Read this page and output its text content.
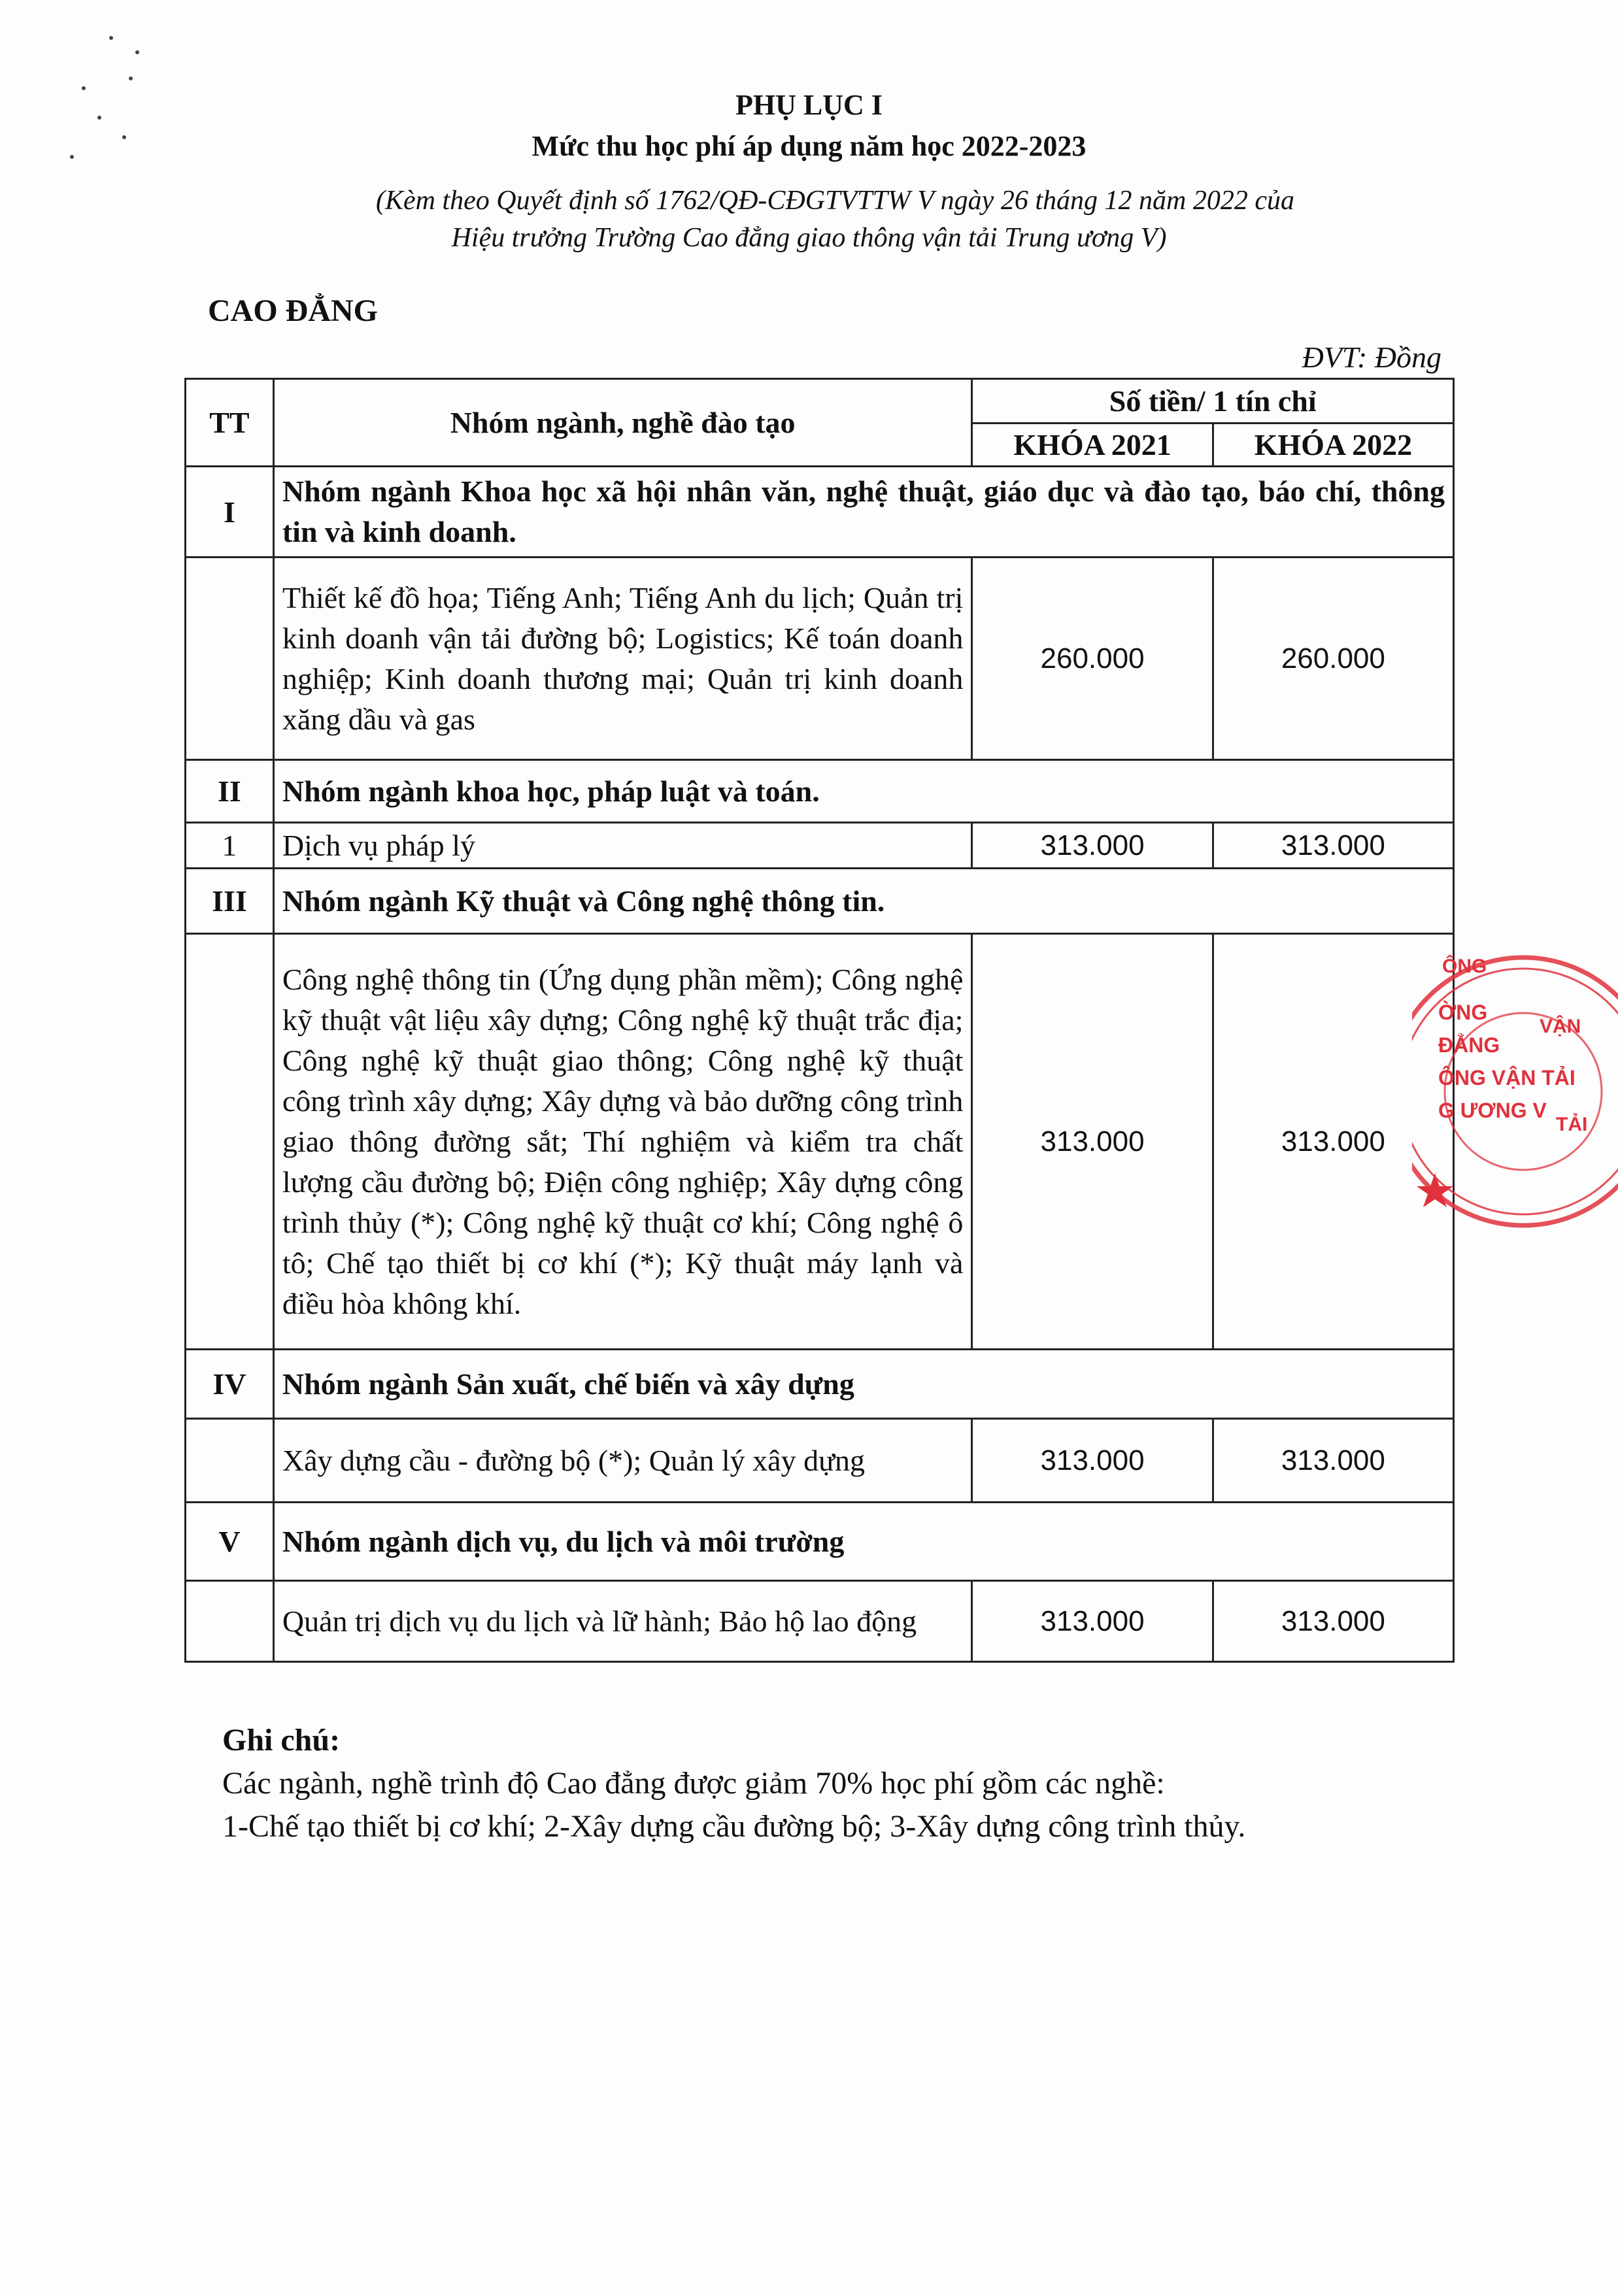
PHỤ LỤC I
Mức thu học phí áp dụng năm học 2022-2023
(Kèm theo Quyết định số 1762/QĐ-CĐGTVTTW V ngày 26 tháng 12 năm 2022 của
Hiệu trưởng Trường Cao đẳng giao thông vận tải Trung ương V)
CAO ĐẲNG
ĐVT: Đồng
TT	Nhóm ngành, nghề đào tạo	Số tiền/ 1 tín chỉ	
		KHÓA 2021	KHÓA 2022
I	Nhóm ngành Khoa học xã hội nhân văn, nghệ thuật, giáo dục và đào tạo, báo chí, thông tin và kinh doanh.		
	Thiết kế đồ họa; Tiếng Anh; Tiếng Anh du lịch; Quản trị kinh doanh vận tải đường bộ; Logistics; Kế toán doanh nghiệp; Kinh doanh thương mại; Quản trị kinh doanh xăng dầu và gas	260.000	260.000
II	Nhóm ngành khoa học, pháp luật và toán.		
1	Dịch vụ pháp lý	313.000	313.000
III	Nhóm ngành Kỹ thuật và Công nghệ thông tin.		
	Công nghệ thông tin (Ứng dụng phần mềm); Công nghệ kỹ thuật vật liệu xây dựng; Công nghệ kỹ thuật trắc địa; Công nghệ kỹ thuật giao thông; Công nghệ kỹ thuật công trình xây dựng; Xây dựng và bảo dưỡng công trình giao thông đường sắt; Thí nghiệm và kiểm tra chất lượng cầu đường bộ; Điện công nghiệp; Xây dựng công trình thủy (*); Công nghệ kỹ thuật cơ khí; Công nghệ ô tô; Chế tạo thiết bị cơ khí (*); Kỹ thuật máy lạnh và điều hòa không khí.	313.000	313.000
IV	Nhóm ngành Sản xuất, chế biến và xây dựng		
	Xây dựng cầu - đường bộ (*); Quản lý xây dựng	313.000	313.000
V	Nhóm ngành dịch vụ, du lịch và môi trường		
	Quản trị dịch vụ du lịch và lữ hành; Bảo hộ lao động	313.000	313.000
Ghi chú:
Các ngành, nghề trình độ Cao đẳng được giảm 70% học phí gồm các nghề:
1-Chế tạo thiết bị cơ khí; 2-Xây dựng cầu đường bộ; 3-Xây dựng công trình thủy.
ÔNG
VẬN
TẢI
ỜNG
ĐẲNG
ÔNG VẬN TẢI
G ƯƠNG V
